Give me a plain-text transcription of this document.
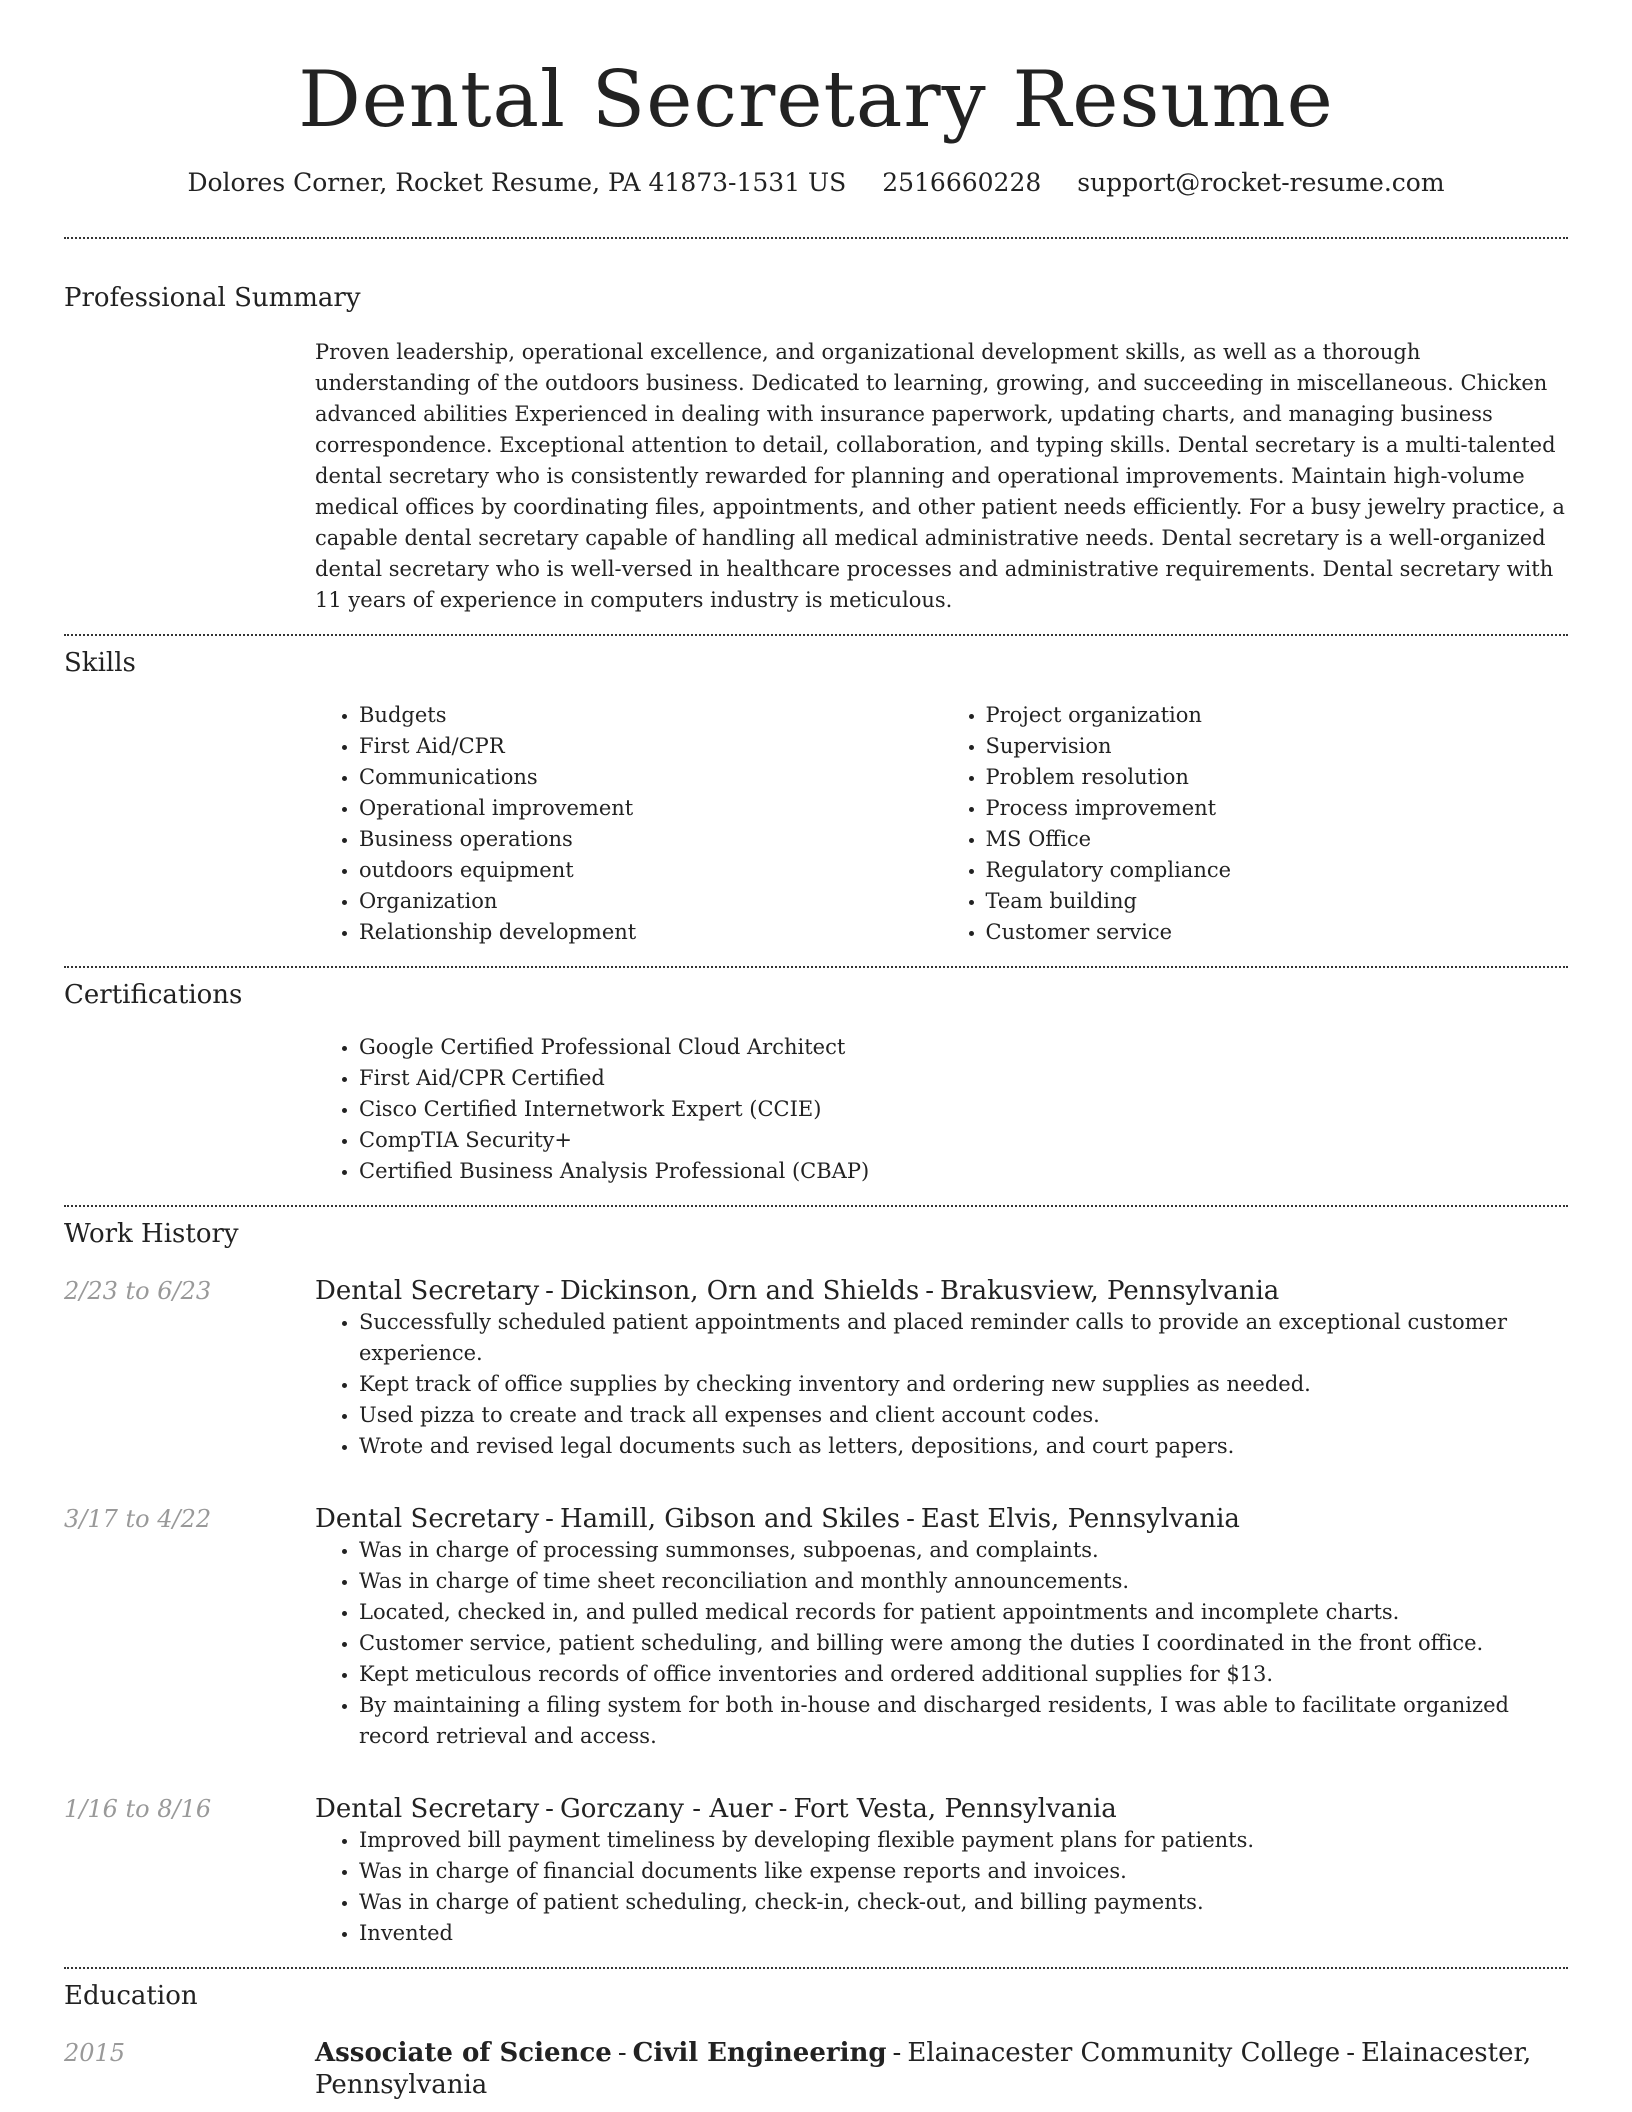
Dental Secretary Resume
Dolores Corner, Rocket Resume, PA 41873-1531 US 2516660228 support@rocket-resume.com
Professional Summary

Proven leadership, operational excellence, and organizational development skills, as well as a thorough understanding of the outdoors business. Dedicated to learning, growing, and succeeding in miscellaneous. Chicken advanced abilities Experienced in dealing with insurance paperwork, updating charts, and managing business correspondence. Exceptional attention to detail, collaboration, and typing skills. Dental secretary is a multi-talented dental secretary who is consistently rewarded for planning and operational improvements. Maintain high-volume medical offices by coordinating files, appointments, and other patient needs efficiently. For a busy jewelry practice, a capable dental secretary capable of handling all medical administrative needs. Dental secretary is a well-organized dental secretary who is well-versed in healthcare processes and administrative requirements. Dental secretary with 11 years of experience in computers industry is meticulous.

Skills
• Budgets
• First Aid/CPR
• Communications
• Operational improvement
• Business operations
• outdoors equipment
• Organization
• Relationship development
• Project organization
• Supervision
• Problem resolution
• Process improvement
• MS Office
• Regulatory compliance
• Team building
• Customer service
Certifications
• Google Certified Professional Cloud Architect
• First Aid/CPR Certified
• Cisco Certified Internetwork Expert (CCIE)
• CompTIA Security+
• Certified Business Analysis Professional (CBAP)
Work History
2/23 to 6/23	Dental Secretary - Dickinson, Orn and Shields - Brakusview, Pennsylvania

• Successfully scheduled patient appointments and placed reminder calls to provide an exceptional customer experience.
• Kept track of office supplies by checking inventory and ordering new supplies as needed.
• Used pizza to create and track all expenses and client account codes.
• Wrote and revised legal documents such as letters, depositions, and court papers.
3/17 to 4/22	Dental Secretary - Hamill, Gibson and Skiles - East Elvis, Pennsylvania

• Was in charge of processing summonses, subpoenas, and complaints.
• Was in charge of time sheet reconciliation and monthly announcements.
• Located, checked in, and pulled medical records for patient appointments and incomplete charts.
• Customer service, patient scheduling, and billing were among the duties I coordinated in the front office.
• Kept meticulous records of office inventories and ordered additional supplies for $13.
• By maintaining a filing system for both in-house and discharged residents, I was able to facilitate organized record retrieval and access.
1/16 to 8/16	Dental Secretary - Gorczany - Auer - Fort Vesta, Pennsylvania

• Improved bill payment timeliness by developing flexible payment plans for patients.
• Was in charge of financial documents like expense reports and invoices.
• Was in charge of patient scheduling, check-in, check-out, and billing payments.
• Invented
Education
2015	Associate of Science - Civil Engineering - Elainacester Community College - Elainacester, Pennsylvania
